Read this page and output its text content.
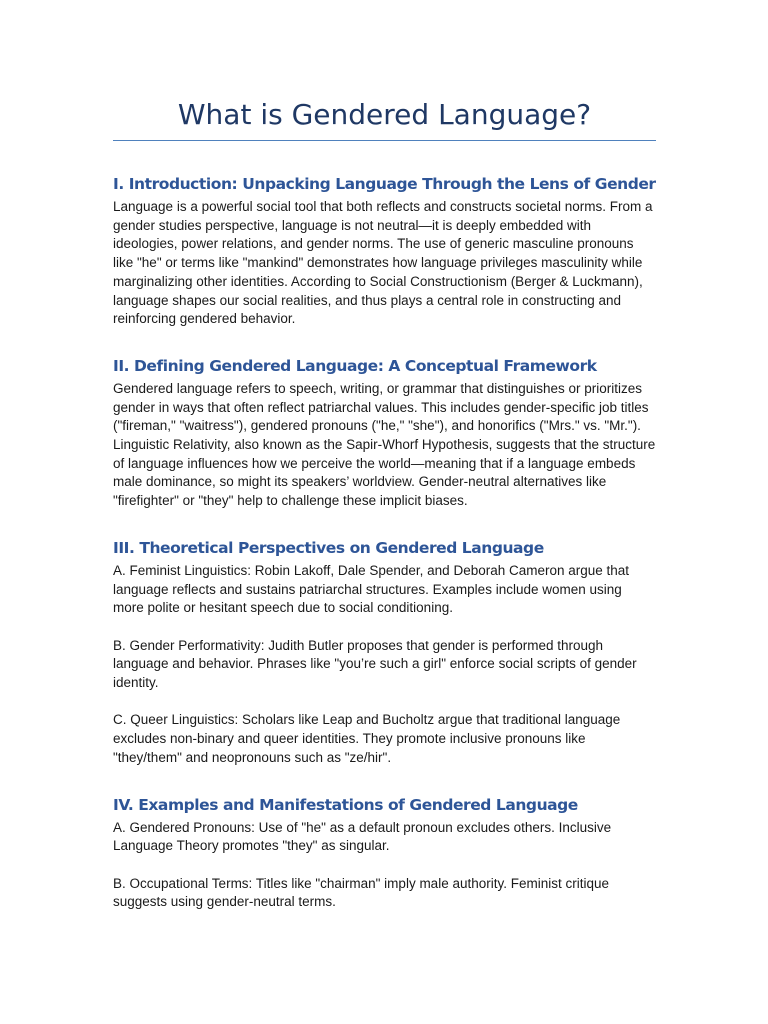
What is Gendered Language?
I. Introduction: Unpacking Language Through the Lens of Gender

Language is a powerful social tool that both reflects and constructs societal norms. From a gender studies perspective, language is not neutral—it is deeply embedded with ideologies, power relations, and gender norms. The use of generic masculine pronouns like "he" or terms like "mankind" demonstrates how language privileges masculinity while marginalizing other identities. According to Social Constructionism (Berger & Luckmann), language shapes our social realities, and thus plays a central role in constructing and reinforcing gendered behavior.

II. Defining Gendered Language: A Conceptual Framework

Gendered language refers to speech, writing, or grammar that distinguishes or prioritizes gender in ways that often reflect patriarchal values. This includes gender-specific job titles ("fireman," "waitress"), gendered pronouns ("he," "she"), and honorifics ("Mrs." vs. "Mr."). Linguistic Relativity, also known as the Sapir-Whorf Hypothesis, suggests that the structure of language influences how we perceive the world—meaning that if a language embeds male dominance, so might its speakers’ worldview. Gender-neutral alternatives like "firefighter" or "they" help to challenge these implicit biases.

III. Theoretical Perspectives on Gendered Language

A. Feminist Linguistics: Robin Lakoff, Dale Spender, and Deborah Cameron argue that language reflects and sustains patriarchal structures. Examples include women using more polite or hesitant speech due to social conditioning.

B. Gender Performativity: Judith Butler proposes that gender is performed through language and behavior. Phrases like "you’re such a girl" enforce social scripts of gender identity.

C. Queer Linguistics: Scholars like Leap and Bucholtz argue that traditional language excludes non-binary and queer identities. They promote inclusive pronouns like "they/them" and neopronouns such as "ze/hir".

IV. Examples and Manifestations of Gendered Language

A. Gendered Pronouns: Use of "he" as a default pronoun excludes others. Inclusive Language Theory promotes "they" as singular.

B. Occupational Terms: Titles like "chairman" imply male authority. Feminist critique suggests using gender-neutral terms.
